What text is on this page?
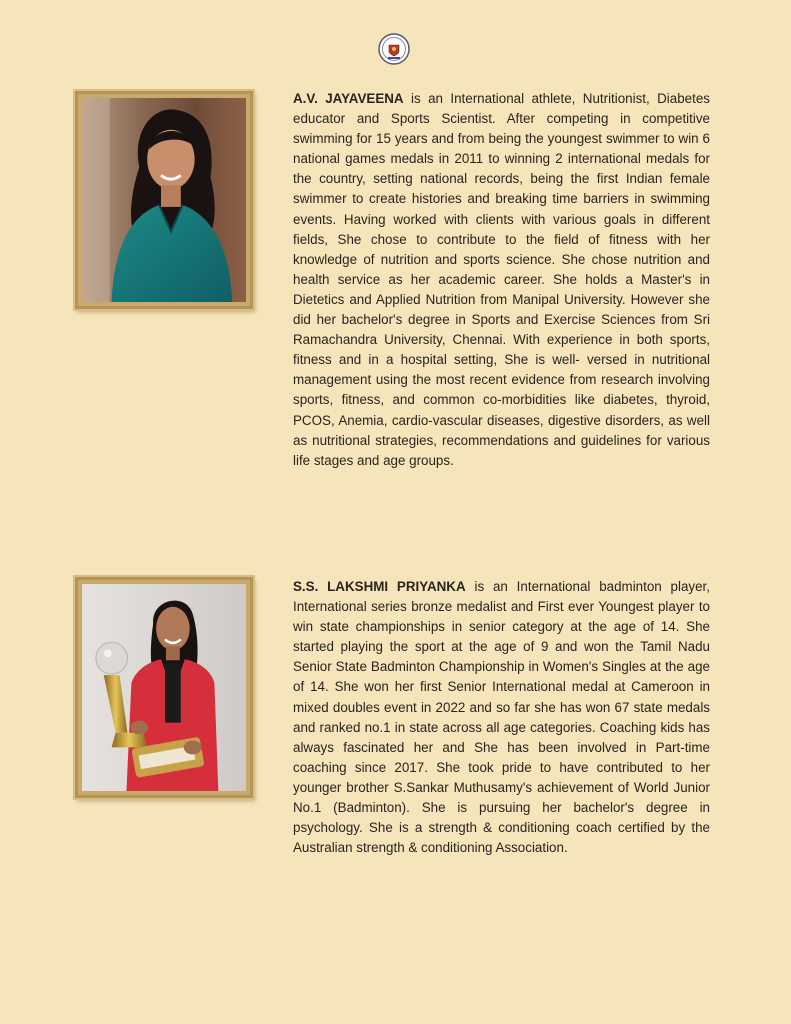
A.V. JAYAVEENA is an International athlete, Nutritionist, Diabetes educator and Sports Scientist. After competing in competitive swimming for 15 years and from being the youngest swimmer to win 6 national games medals in 2011 to winning 2 international medals for the country, setting national records, being the first Indian female swimmer to create histories and breaking time barriers in swimming events. Having worked with clients with various goals in different fields, She chose to contribute to the field of fitness with her knowledge of nutrition and sports science. She chose nutrition and health service as her academic career. She holds a Master's in Dietetics and Applied Nutrition from Manipal University. However she did her bachelor's degree in Sports and Exercise Sciences from Sri Ramachandra University, Chennai. With experience in both sports, fitness and in a hospital setting, She is well- versed in nutritional management using the most recent evidence from research involving sports, fitness, and common co-morbidities like diabetes, thyroid, PCOS, Anemia, cardio-vascular diseases, digestive disorders, as well as nutritional strategies, recommendations and guidelines for various life stages and age groups.

S.S. LAKSHMI PRIYANKA is an International badminton player, International series bronze medalist and First ever Youngest player to win state championships in senior category at the age of 14. She started playing the sport at the age of 9 and won the Tamil Nadu Senior State Badminton Championship in Women's Singles at the age of 14. She won her first Senior International medal at Cameroon in mixed doubles event in 2022 and so far she has won 67 state medals and ranked no.1 in state across all age categories. Coaching kids has always fascinated her and She has been involved in Part-time coaching since 2017. She took pride to have contributed to her younger brother S.Sankar Muthusamy's achievement of World Junior No.1 (Badminton). She is pursuing her bachelor's degree in psychology. She is a strength & conditioning coach certified by the Australian strength & conditioning Association.
